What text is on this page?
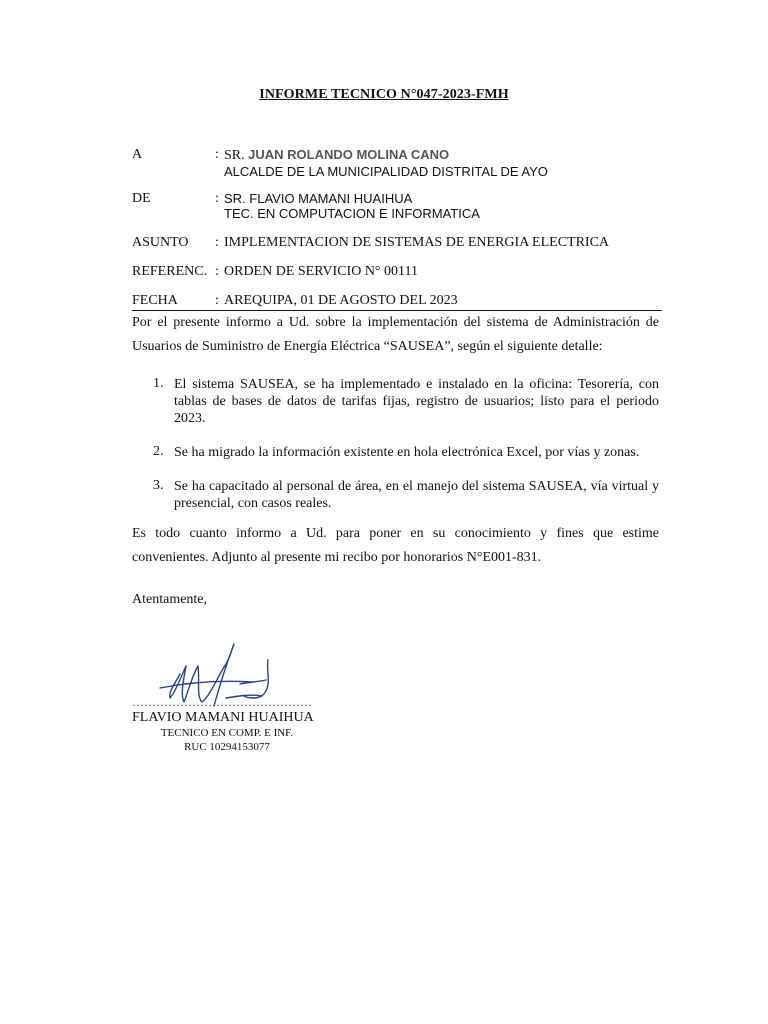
INFORME TECNICO N°047-2023-FMH
A	: SR. JUAN ROLANDO MOLINA CANO
ALCALDE DE LA MUNICIPALIDAD DISTRITAL DE AYO
DE	: SR. FLAVIO MAMANI HUAIHUA
TEC. EN COMPUTACION E INFORMATICA
ASUNTO : IMPLEMENTACION DE SISTEMAS DE ENERGIA ELECTRICA
REFERENC. : ORDEN DE SERVICIO N° 00111
FECHA	: AREQUIPA, 01 DE AGOSTO DEL 2023
Por el presente informo a Ud. sobre la implementación del sistema de Administración de
Usuarios de Suministro de Energía Eléctrica “SAUSEA”, según el siguiente detalle:
1. El sistema SAUSEA, se ha implementado e instalado en la oficina: Tesorería, con
tablas de bases de datos de tarifas fijas, registro de usuarios; listo para el periodo
2023.
2. Se ha migrado la información existente en hola electrónica Excel, por vías y zonas.
3. Se ha capacitado al personal de área, en el manejo del sistema SAUSEA, vía virtual y
presencial, con casos reales.
Es todo cuanto informo a Ud. para poner en su conocimiento y fines que estime
convenientes. Adjunto al presente mi recibo por honorarios N°E001-831.
Atentamente,
………………………………………
FLAVIO MAMANI HUAIHUA
TECNICO EN COMP. E INF.
RUC 10294153077
